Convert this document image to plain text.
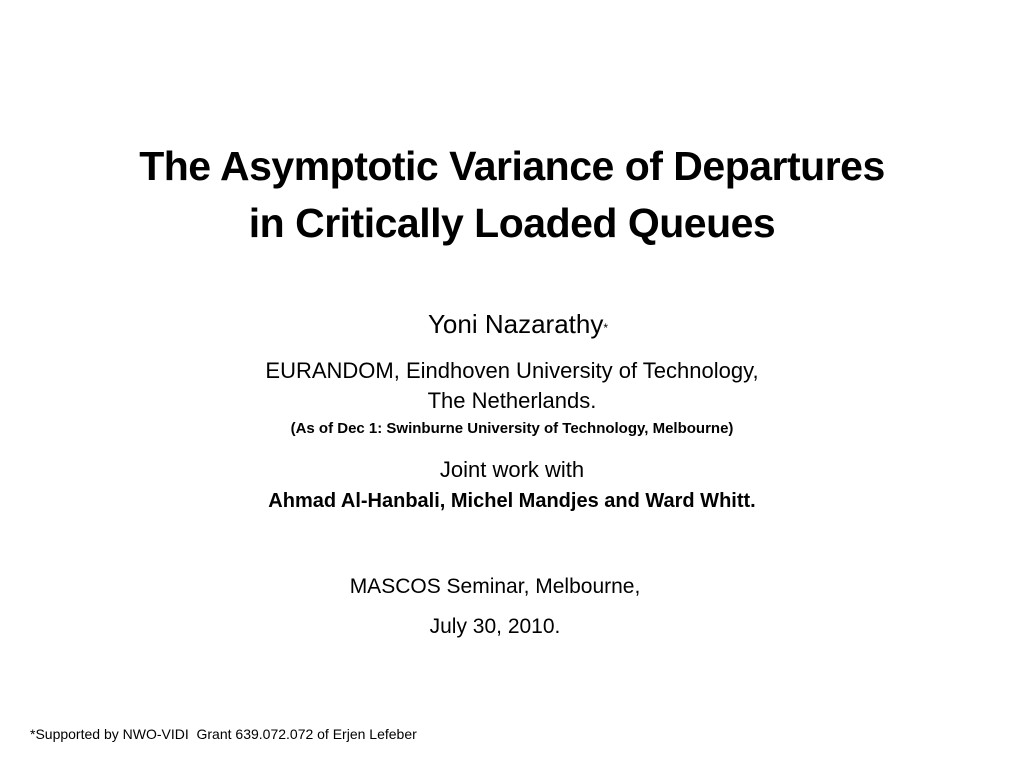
The Asymptotic Variance of Departures
in Critically Loaded Queues
Yoni Nazarathy*
EURANDOM, Eindhoven University of Technology,
The Netherlands.
(As of Dec 1: Swinburne University of Technology, Melbourne)
Joint work with
Ahmad Al-Hanbali, Michel Mandjes and Ward Whitt.
MASCOS Seminar, Melbourne,
July 30, 2010.
*Supported by NWO-VIDI  Grant 639.072.072 of Erjen Lefeber
